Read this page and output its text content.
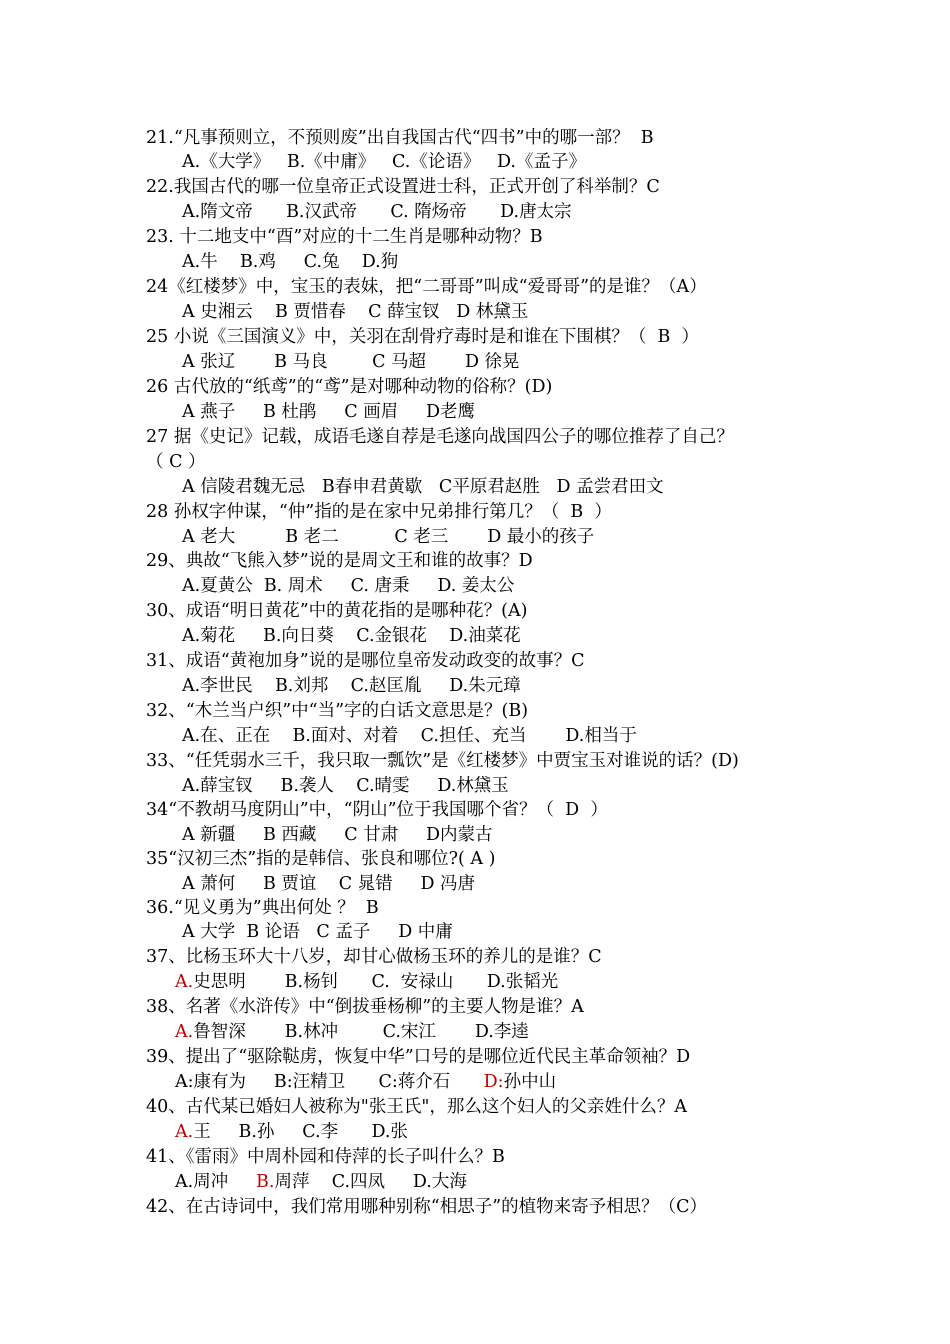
21.“凡事预则立，不预则废”出自我国古代“四书”中的哪一部？  B
A.《大学》   B.《中庸》   C.《论语》   D.《孟子》
22.我国古代的哪一位皇帝正式设置进士科，正式开创了科举制？C
A.隋文帝      B.汉武帝      C. 隋炀帝      D.唐太宗
23. 十二地支中“酉”对应的十二生肖是哪种动物？B
A.牛    B.鸡     C.兔    D.狗
24《红楼梦》中，宝玉的表妹，把“二哥哥”叫成“爱哥哥”的是谁？（A）
A 史湘云    B 贾惜春    C 薛宝钗   D 林黛玉
25 小说《三国演义》中，关羽在刮骨疗毒时是和谁在下围棋？（  B  ）
A 张辽       B 马良        C 马超       D 徐晃
26 古代放的“纸鸢”的“鸢”是对哪种动物的俗称？(D)
A 燕子     B 杜鹃     C 画眉     D老鹰
27 据《史记》记载，成语毛遂自荐是毛遂向战国四公子的哪位推荐了自己？
（ C ）
A 信陵君魏无忌   B春申君黄歇   C平原君赵胜   D 孟尝君田文
28 孙权字仲谋，“仲”指的是在家中兄弟排行第几？（  B  ）
A 老大         B 老二          C 老三       D 最小的孩子
29、典故“飞熊入梦”说的是周文王和谁的故事？D
A.夏黄公  B. 周术     C. 唐秉     D. 姜太公
30、成语“明日黄花”中的黄花指的是哪种花？(A)
A.菊花     B.向日葵    C.金银花    D.油菜花
31、成语“黄袍加身”说的是哪位皇帝发动政变的故事？C
A.李世民    B.刘邦    C.赵匡胤     D.朱元璋
32、“木兰当户织”中“当”字的白话文意思是？(B)
A.在、正在    B.面对、对着    C.担任、充当       D.相当于
33、“任凭弱水三千，我只取一瓢饮”是《红楼梦》中贾宝玉对谁说的话？(D)
A.薛宝钗     B.袭人    C.晴雯     D.林黛玉
34“不教胡马度阴山”中，“阴山”位于我国哪个省？（  D  ）
A 新疆     B 西藏     C 甘肃     D内蒙古
35“汉初三杰”指的是韩信、张良和哪位?( A )
A 萧何     B 贾谊    C 晁错     D 冯唐
36.“见义勇为”典出何处 ？  B
A 大学  B 论语   C 孟子     D 中庸
37、比杨玉环大十八岁，却甘心做杨玉环的养儿的是谁？C
A.史思明       B.杨钊      C.  安禄山      D.张韬光
38、名著《水浒传》中“倒拔垂杨柳”的主要人物是谁？A
A.鲁智深       B.林冲        C.宋江       D.李逵
39、提出了“驱除鞑虏，恢复中华”口号的是哪位近代民主革命领袖？D
A:康有为     B:汪精卫      C:蒋介石      D:孙中山
40、古代某已婚妇人被称为"张王氏"，那么这个妇人的父亲姓什么？A
A.王     B.孙     C.李      D.张
41、《雷雨》中周朴园和侍萍的长子叫什么？B
A.周冲     B.周萍    C.四凤     D.大海
42、在古诗词中，我们常用哪种别称“相思子”的植物来寄予相思？（C）
